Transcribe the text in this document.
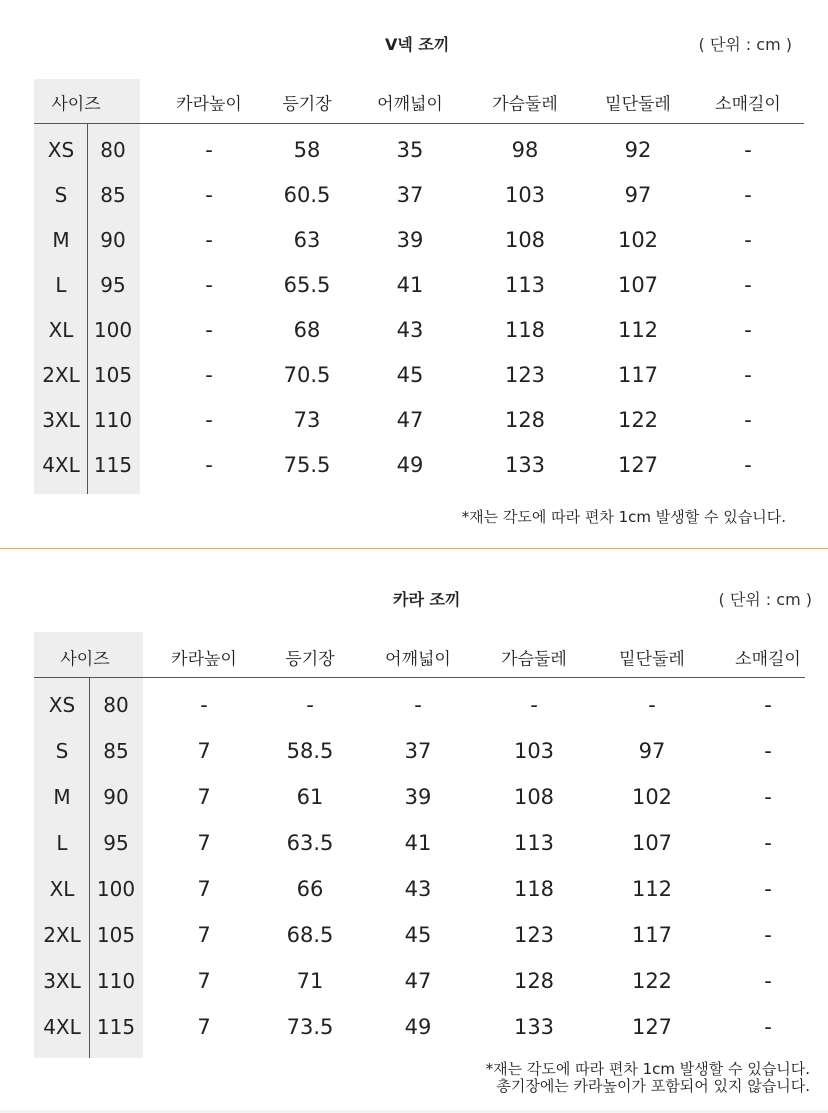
V넥 조끼	( 단위 : cm )
사이즈	카라높이 등기장	어깨넓이	가슴둘레	밑단둘레	소매길이
XS 80	-	58	35	98	92	-
S 85	-	60.5	37	103	97	-
M 90	-	63	39	108	102	-
L 95	-	65.5	41	113	107	-
XL 100	-	68	43	118	112	-
2XL 105	-	70.5	45	123	117	-
3XL 110	-	73	47	128	122	-
4XL 115	-	75.5	49	133	127	-
*재는 각도에 따라 편차 1cm 발생할 수 있습니다.
카라 조끼	( 단위 : cm )
사이즈	카라높이	등기장	어깨넓이	가슴둘레	밑단둘레	소매길이
XS 80	-	-	-	-	-	-
S 85	7	58.5	37	103	97	-
M 90	7	61	39	108	102	-
L 95	7	63.5	41	113	107	-
XL 100	7	66	43	118	112	-
2XL 105	7	68.5	45	123	117	-
3XL 110	7	71	47	128	122	-
4XL 115	7	73.5	49	133	127	-
*재는 각도에 따라 편차 1cm 발생할 수 있습니다.
총기장에는 카라높이가 포함되어 있지 않습니다.
